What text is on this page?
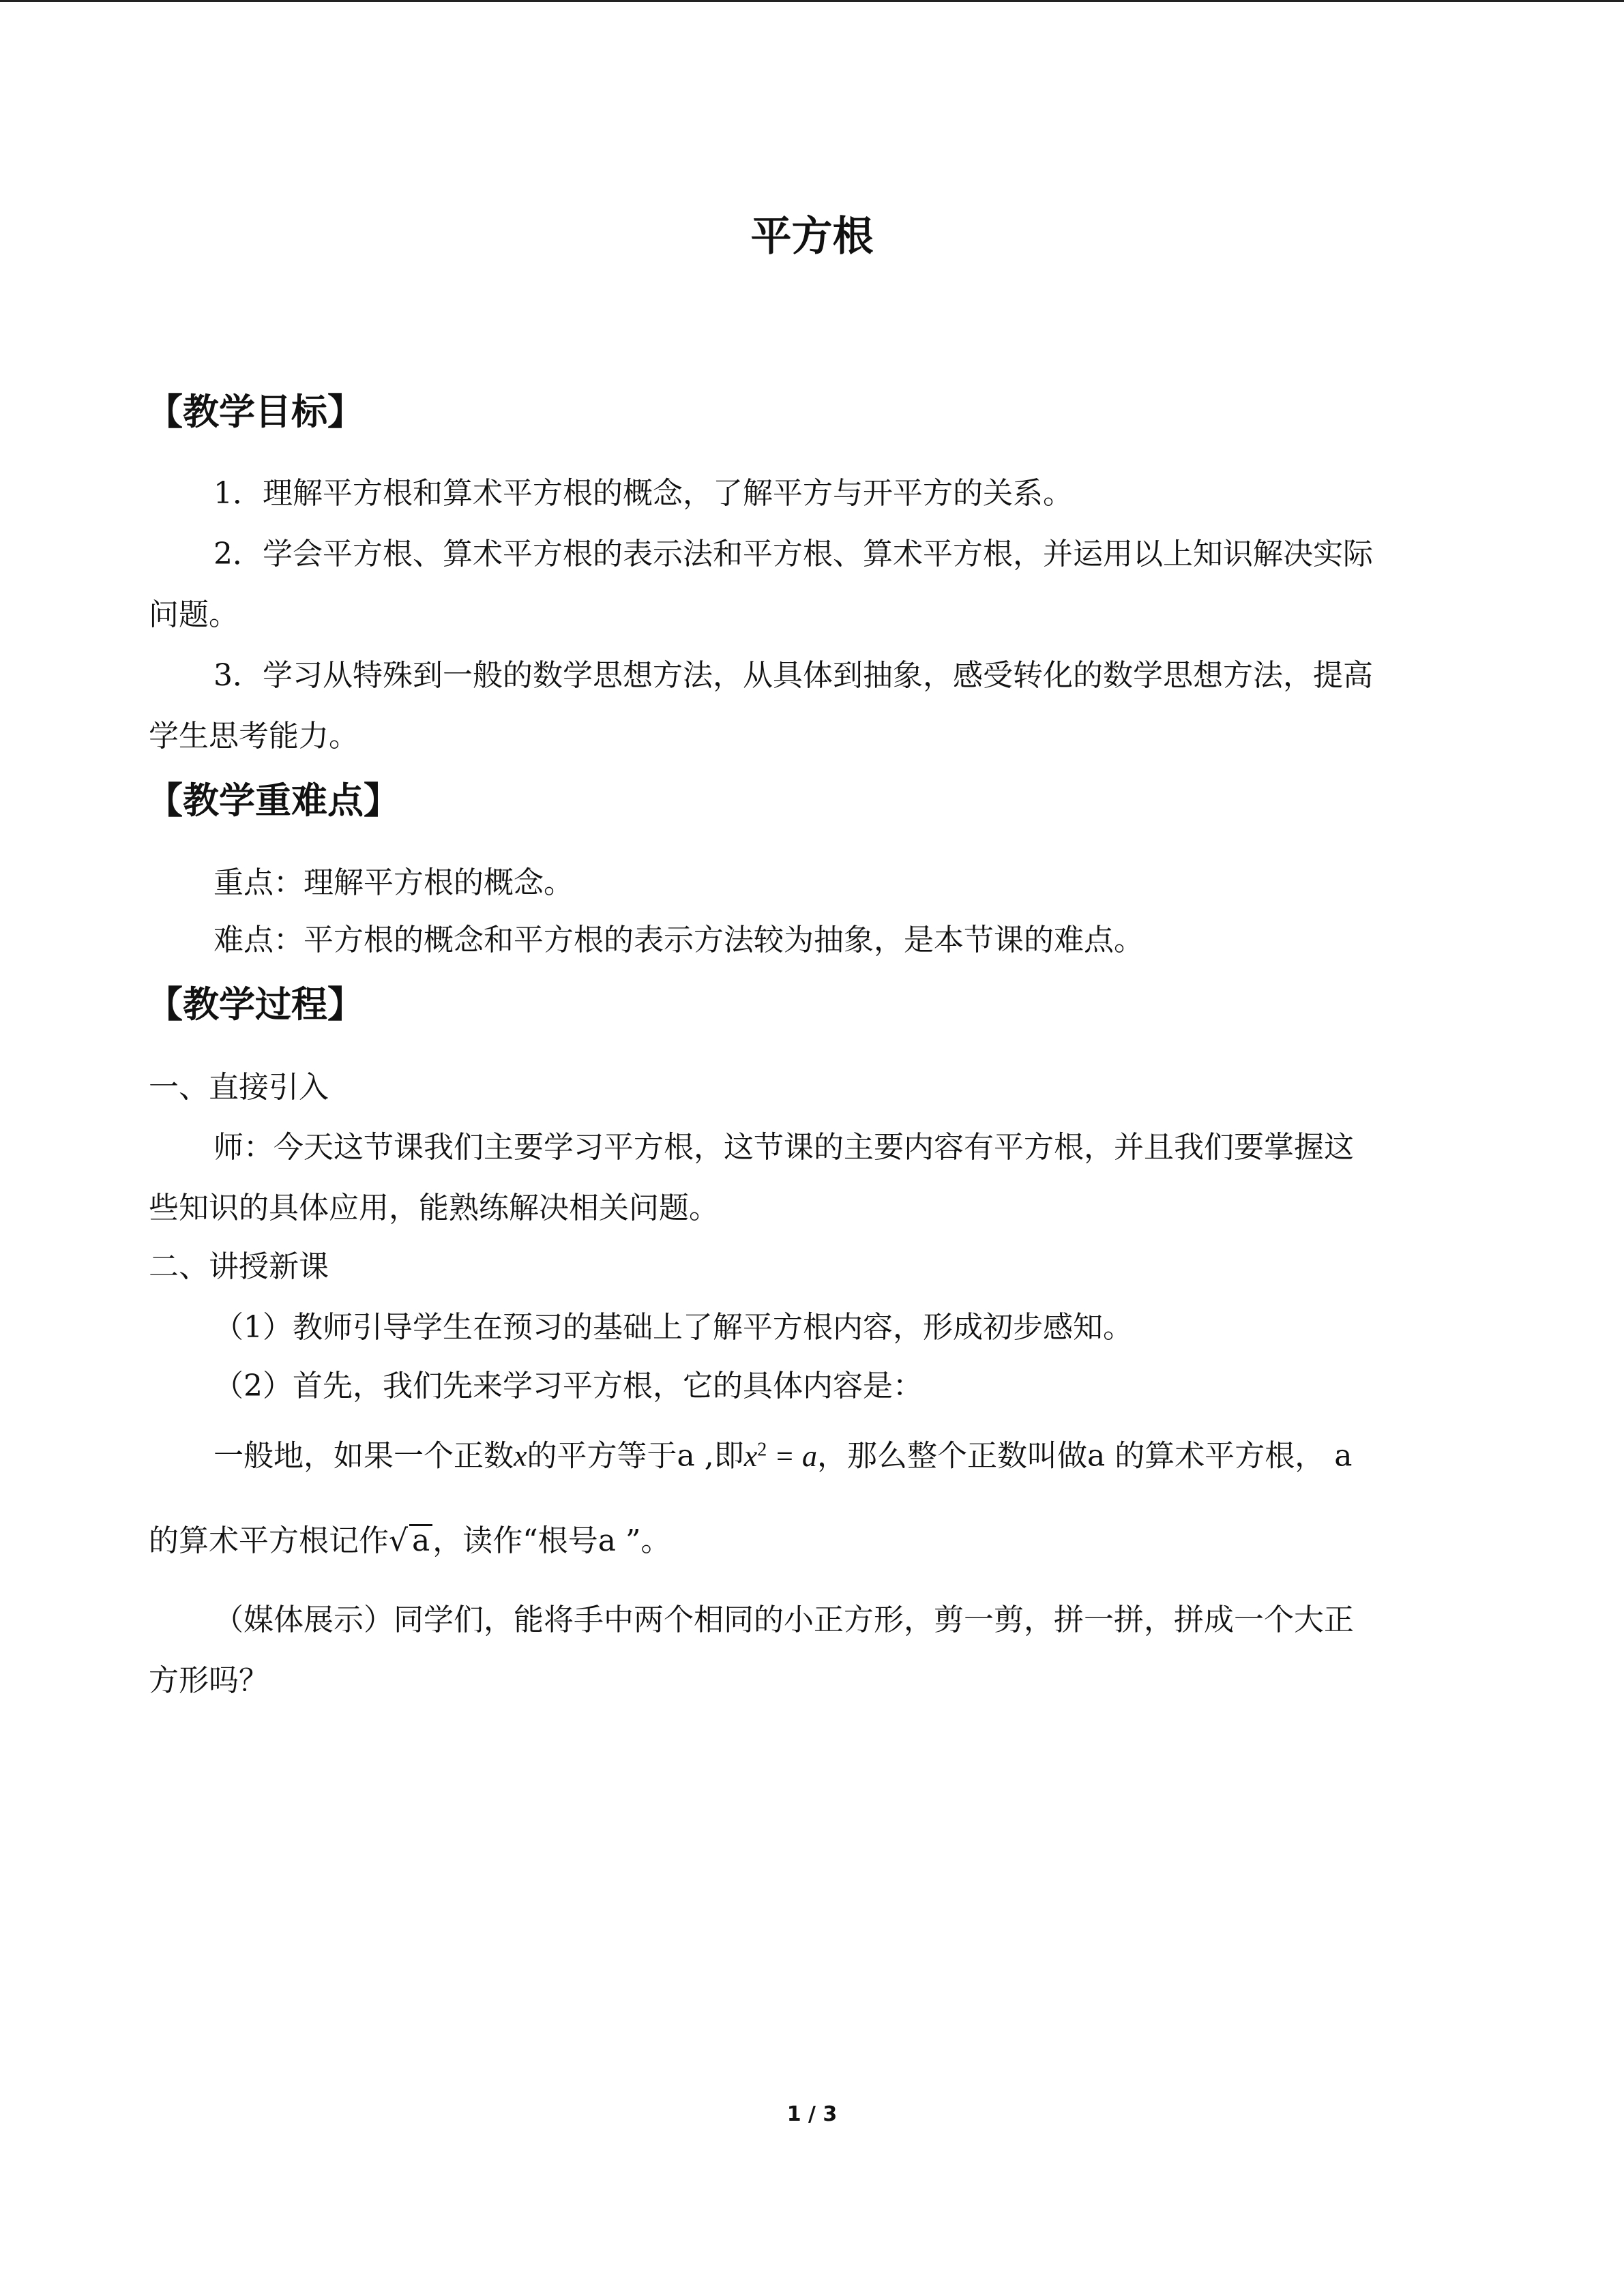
平方根
【教学目标】
1．理解平方根和算术平方根的概念，了解平方与开平方的关系。
2．学会平方根、算术平方根的表示法和平方根、算术平方根，并运用以上知识解决实际
问题。
3．学习从特殊到一般的数学思想方法，从具体到抽象，感受转化的数学思想方法，提高
学生思考能力。
【教学重难点】
重点：理解平方根的概念。
难点：平方根的概念和平方根的表示方法较为抽象，是本节课的难点。
【教学过程】
一、直接引入
师：今天这节课我们主要学习平方根，这节课的主要内容有平方根，并且我们要掌握这
些知识的具体应用，能熟练解决相关问题。
二、讲授新课
（1）教师引导学生在预习的基础上了解平方根内容，形成初步感知。
（2）首先，我们先来学习平方根，它的具体内容是：
一般地，如果一个正数x的平方等于a ,即$x^2 = a$，那么整个正数叫做a 的算术平方根， a
的算术平方根记作√ a，读作“根号a ”。
（媒体展示）同学们，能将手中两个相同的小正方形，剪一剪，拼一拼，拼成一个大正
方形吗？
1 / 3
